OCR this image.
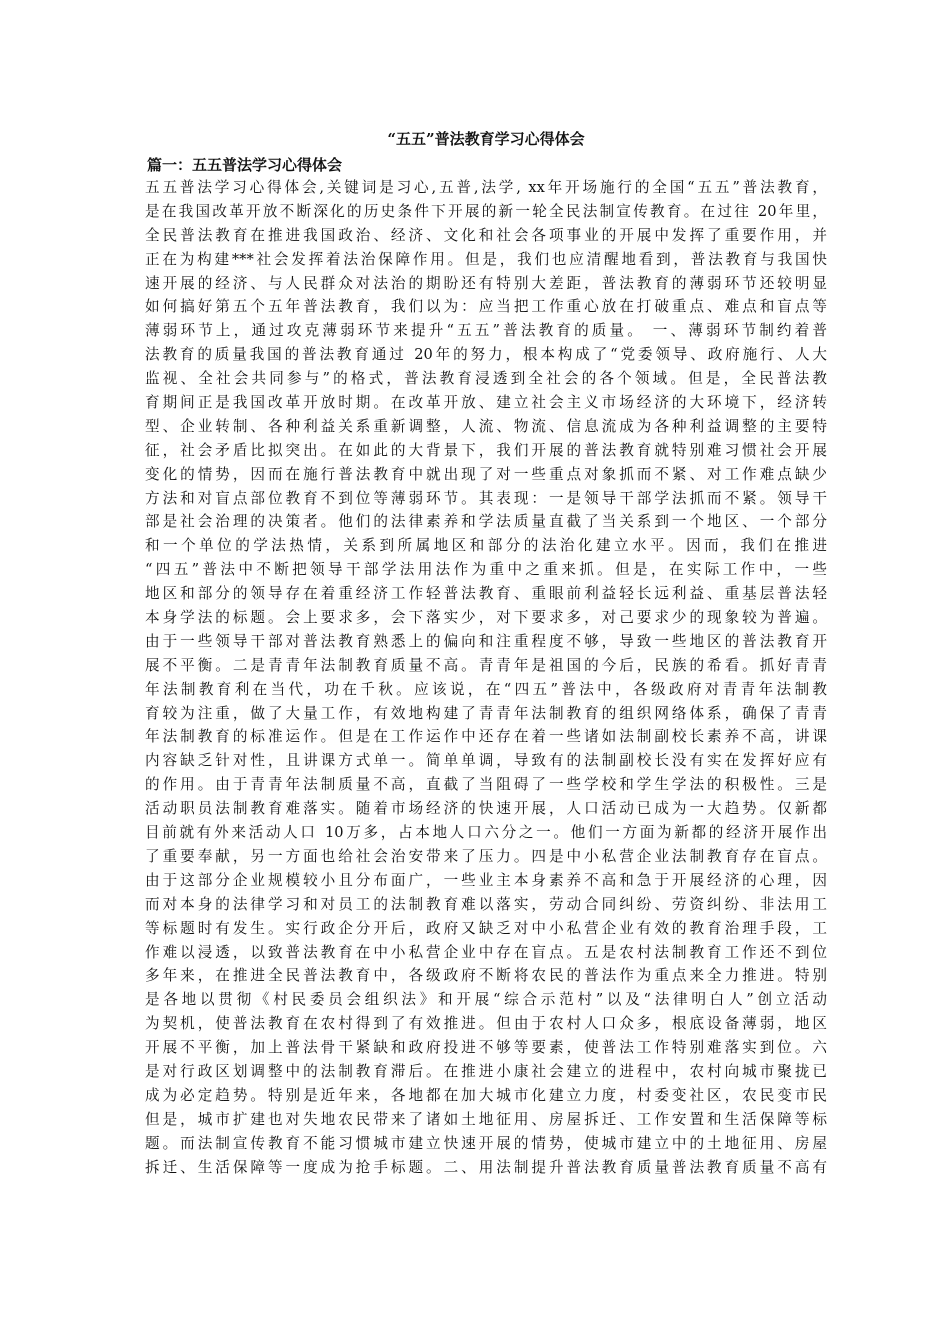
“五五”普法教育学习心得体会
篇一：五五普法学习心得体会
五五普法学习心得体会,关键词是习心,五普,法学, xx年开场施行的全国“五五”普法教育，
是在我国改革开放不断深化的历史条件下开展的新一轮全民法制宣传教育。在过往 20年里，
全民普法教育在推进我国政治、经济、文化和社会各项事业的开展中发挥了重要作用，并
正在为构建***社会发挥着法治保障作用。但是，我们也应清醒地看到，普法教育与我国快
速开展的经济、与人民群众对法治的期盼还有特别大差距，普法教育的薄弱环节还较明显
如何搞好第五个五年普法教育，我们以为：应当把工作重心放在打破重点、难点和盲点等
薄弱环节上，通过攻克薄弱环节来提升“五五”普法教育的质量。 一、薄弱环节制约着普
法教育的质量我国的普法教育通过 20年的努力，根本构成了“党委领导、政府施行、人大
监视、全社会共同参与”的格式，普法教育浸透到全社会的各个领域。但是，全民普法教
育期间正是我国改革开放时期。在改革开放、建立社会主义市场经济的大环境下，经济转
型、企业转制、各种利益关系重新调整，人流、物流、信息流成为各种利益调整的主要特
征，社会矛盾比拟突出。在如此的大背景下，我们开展的普法教育就特别难习惯社会开展
变化的情势，因而在施行普法教育中就出现了对一些重点对象抓而不紧、对工作难点缺少
方法和对盲点部位教育不到位等薄弱环节。其表现：一是领导干部学法抓而不紧。领导干
部是社会治理的决策者。他们的法律素养和学法质量直截了当关系到一个地区、一个部分
和一个单位的学法热情，关系到所属地区和部分的法治化建立水平。因而，我们在推进
“四五”普法中不断把领导干部学法用法作为重中之重来抓。但是，在实际工作中，一些
地区和部分的领导存在着重经济工作轻普法教育、重眼前利益轻长远利益、重基层普法轻
本身学法的标题。会上要求多，会下落实少，对下要求多，对己要求少的现象较为普遍。
由于一些领导干部对普法教育熟悉上的偏向和注重程度不够，导致一些地区的普法教育开
展不平衡。二是青青年法制教育质量不高。青青年是祖国的今后，民族的希看。抓好青青
年法制教育利在当代，功在千秋。应该说，在“四五”普法中，各级政府对青青年法制教
育较为注重，做了大量工作，有效地构建了青青年法制教育的组织网络体系，确保了青青
年法制教育的标准运作。但是在工作运作中还存在着一些诸如法制副校长素养不高，讲课
内容缺乏针对性，且讲课方式单一。简单单调，导致有的法制副校长没有实在发挥好应有
的作用。由于青青年法制质量不高，直截了当阻碍了一些学校和学生学法的积极性。三是
活动职员法制教育难落实。随着市场经济的快速开展，人口活动已成为一大趋势。仅新都
目前就有外来活动人口 10万多，占本地人口六分之一。他们一方面为新都的经济开展作出
了重要奉献，另一方面也给社会治安带来了压力。四是中小私营企业法制教育存在盲点。
由于这部分企业规模较小且分布面广，一些业主本身素养不高和急于开展经济的心理，因
而对本身的法律学习和对员工的法制教育难以落实，劳动合同纠纷、劳资纠纷、非法用工
等标题时有发生。实行政企分开后，政府又缺乏对中小私营企业有效的教育治理手段，工
作难以浸透，以致普法教育在中小私营企业中存在盲点。五是农村法制教育工作还不到位
多年来，在推进全民普法教育中，各级政府不断将农民的普法作为重点来全力推进。特别
是各地以贯彻《村民委员会组织法》和开展“综合示范村”以及“法律明白人”创立活动
为契机，使普法教育在农村得到了有效推进。但由于农村人口众多，根底设备薄弱，地区
开展不平衡，加上普法骨干紧缺和政府投进不够等要素，使普法工作特别难落实到位。六
是对行政区划调整中的法制教育滞后。在推进小康社会建立的进程中，农村向城市聚拢已
成为必定趋势。特别是近年来，各地都在加大城市化建立力度，村委变社区，农民变市民
但是，城市扩建也对失地农民带来了诸如土地征用、房屋拆迁、工作安置和生活保障等标
题。而法制宣传教育不能习惯城市建立快速开展的情势，使城市建立中的土地征用、房屋
拆迁、生活保障等一度成为抢手标题。二、用法制提升普法教育质量普法教育质量不高有
